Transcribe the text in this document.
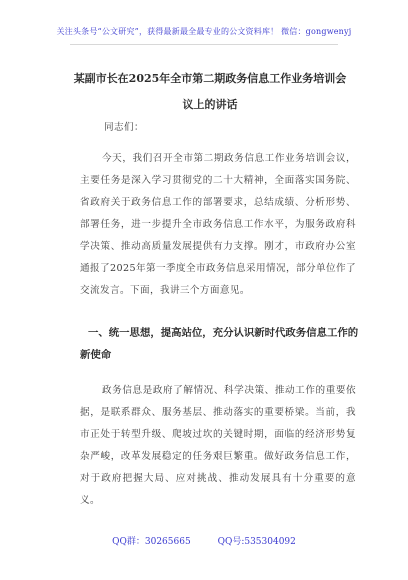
关注头条号“公文研究”，获得最新最全最专业的公文资料库！ 微信：gongwenyj
某副市长在2025年全市第二期政务信息工作业务培训会议上的讲话
同志们：
今天，我们召开全市第二期政务信息工作业务培训会议，主要任务是深入学习贯彻党的二十大精神，全面落实国务院、省政府关于政务信息工作的部署要求，总结成绩、分析形势、部署任务，进一步提升全市政务信息工作水平，为服务政府科学决策、推动高质量发展提供有力支撑。刚才，市政府办公室通报了2025年第一季度全市政务信息采用情况，部分单位作了交流发言。下面，我讲三个方面意见。
一、统一思想，提高站位，充分认识新时代政务信息工作的新使命
政务信息是政府了解情况、科学决策、推动工作的重要依据，是联系群众、服务基层、推动落实的重要桥梁。当前，我市正处于转型升级、爬坡过坎的关键时期，面临的经济形势复杂严峻，改革发展稳定的任务艰巨繁重。做好政务信息工作，对于政府把握大局、应对挑战、推动发展具有十分重要的意义。
QQ群：30265665	QQ号:535304092
